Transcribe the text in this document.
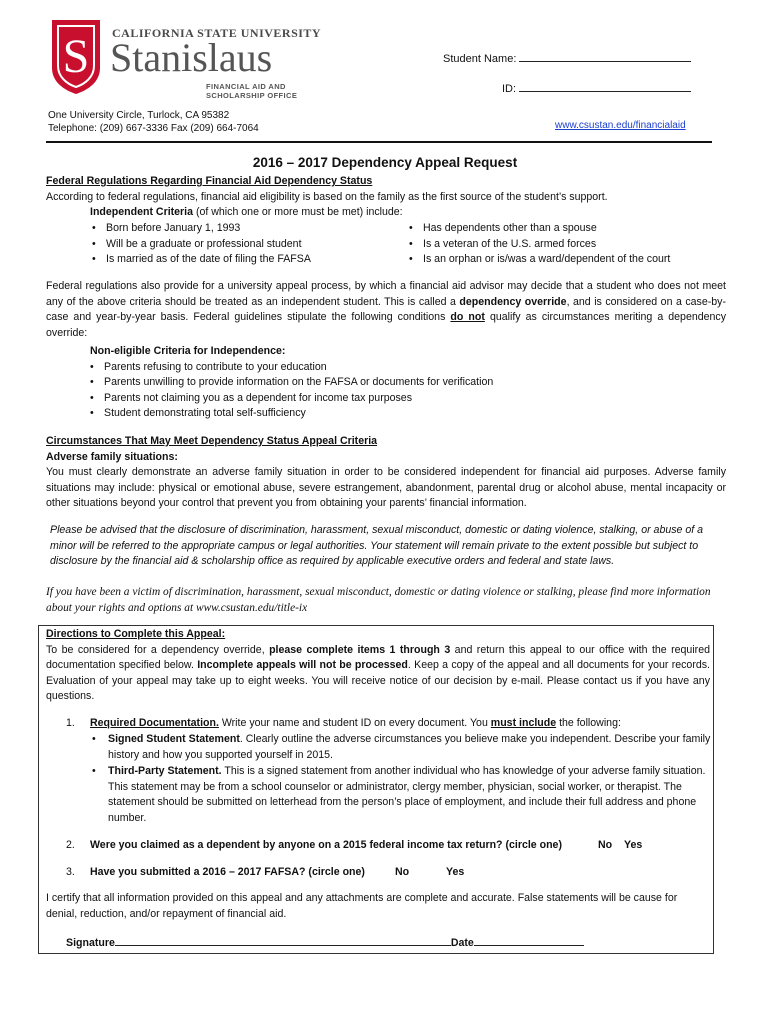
S CALIFORNIA STATE UNIVERSITY
Stanislaus
FINANCIAL AID AND
SCHOLARSHIP OFFICE
Student Name:
ID:
One University Circle, Turlock, CA 95382
Telephone: (209) 667-3336 Fax (209) 664-7064	www.csustan.edu/financialaid
2016 – 2017 Dependency Appeal Request
Federal Regulations Regarding Financial Aid Dependency Status
According to federal regulations, financial aid eligibility is based on the family as the first source of the student’s support.
Independent Criteria (of which one or more must be met) include:
• Born before January 1, 1993
• Will be a graduate or professional student
• Is married as of the date of filing the FAFSA
• Has dependents other than a spouse
• Is a veteran of the U.S. armed forces
• Is an orphan or is/was a ward/dependent of the court
Federal regulations also provide for a university appeal process, by which a financial aid advisor may decide that a student who does not meet any of the above criteria should be treated as an independent student. This is called a dependency override, and is considered on a case-by-case and year-by-year basis. Federal guidelines stipulate the following conditions do not qualify as circumstances meriting a dependency override:
Non-eligible Criteria for Independence:
• Parents refusing to contribute to your education
• Parents unwilling to provide information on the FAFSA or documents for verification
• Parents not claiming you as a dependent for income tax purposes
• Student demonstrating total self-sufficiency
Circumstances That May Meet Dependency Status Appeal Criteria
Adverse family situations:
You must clearly demonstrate an adverse family situation in order to be considered independent for financial aid purposes. Adverse family situations may include: physical or emotional abuse, severe estrangement, abandonment, parental drug or alcohol abuse, mental incapacity or other situations beyond your control that prevent you from obtaining your parents’ financial information.
Please be advised that the disclosure of discrimination, harassment, sexual misconduct, domestic or dating violence, stalking, or abuse of a minor will be referred to the appropriate campus or legal authorities. Your statement will remain private to the extent possible but subject to disclosure by the financial aid & scholarship office as required by applicable executive orders and federal and state laws.
If you have been a victim of discrimination, harassment, sexual misconduct, domestic or dating violence or stalking, please find more information about your rights and options at www.csustan.edu/title-ix
Directions to Complete this Appeal:
To be considered for a dependency override, please complete items 1 through 3 and return this appeal to our office with the required documentation specified below. Incomplete appeals will not be processed. Keep a copy of the appeal and all documents for your records. Evaluation of your appeal may take up to eight weeks. You will receive notice of our decision by e-mail. Please contact us if you have any questions.
1. Required Documentation. Write your name and student ID on every document. You must include the following:
• Signed Student Statement. Clearly outline the adverse circumstances you believe make you independent. Describe your family history and how you supported yourself in 2015.
• Third-Party Statement. This is a signed statement from another individual who has knowledge of your adverse family situation. This statement may be from a school counselor or administrator, clergy member, physician, social worker, or therapist. The statement should be submitted on letterhead from the person’s place of employment, and include their full address and phone number.
2. Were you claimed as a dependent by anyone on a 2015 federal income tax return? (circle one)	No Yes
3. Have you submitted a 2016 – 2017 FAFSA? (circle one)	No	Yes
I certify that all information provided on this appeal and any attachments are complete and accurate. False statements will be cause for denial, reduction, and/or repayment of financial aid.
Signature	Date
